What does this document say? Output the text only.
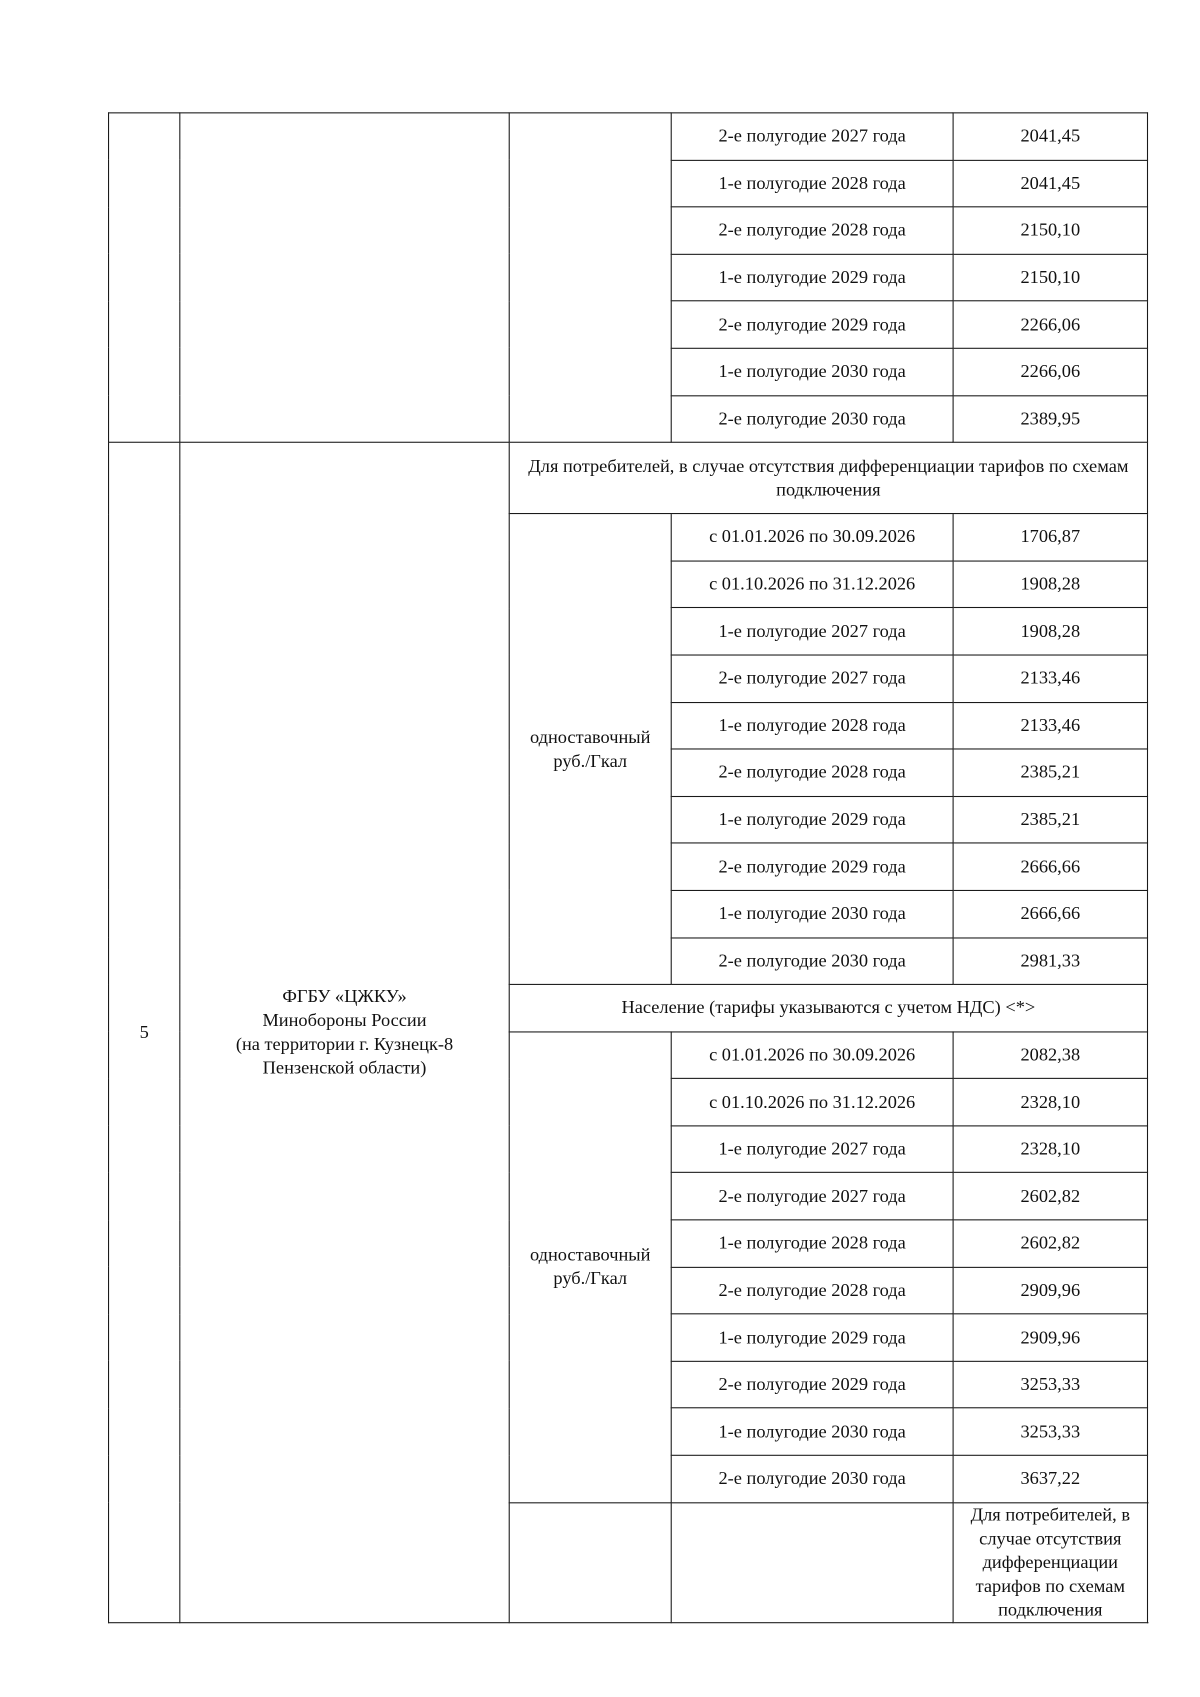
			2-е полугодие 2027 года	2041,45
			1-е полугодие 2028 года	2041,45
			2-е полугодие 2028 года	2150,10
			1-е полугодие 2029 года	2150,10
			2-е полугодие 2029 года	2266,06
			1-е полугодие 2030 года	2266,06
			2-е полугодие 2030 года	2389,95
5	ФГБУ «ЦЖКУ»
Минобороны России
(на территории г. Кузнецк-8
Пензенской области)	Для потребителей, в случае отсутствия дифференциации тарифов по схемам подключения		

		одноставочный
руб./Гкал	с 01.01.2026 по 30.09.2026	1706,87
			с 01.10.2026 по 31.12.2026	1908,28
			1-е полугодие 2027 года	1908,28
			2-е полугодие 2027 года	2133,46
			1-е полугодие 2028 года	2133,46
			2-е полугодие 2028 года	2385,21
			1-е полугодие 2029 года	2385,21
			2-е полугодие 2029 года	2666,66
			1-е полугодие 2030 года	2666,66
			2-е полугодие 2030 года	2981,33
		Население (тарифы указываются с учетом НДС) <*>		

		одноставочный
руб./Гкал	с 01.01.2026 по 30.09.2026	2082,38
			с 01.10.2026 по 31.12.2026	2328,10
			1-е полугодие 2027 года	2328,10
			2-е полугодие 2027 года	2602,82
			1-е полугодие 2028 года	2602,82
			2-е полугодие 2028 года	2909,96
			1-е полугодие 2029 года	2909,96
			2-е полугодие 2029 года	3253,33
			1-е полугодие 2030 года	3253,33
			2-е полугодие 2030 года	3637,22
				Для потребителей, в случае отсутствия дифференциации тарифов по схемам подключения
